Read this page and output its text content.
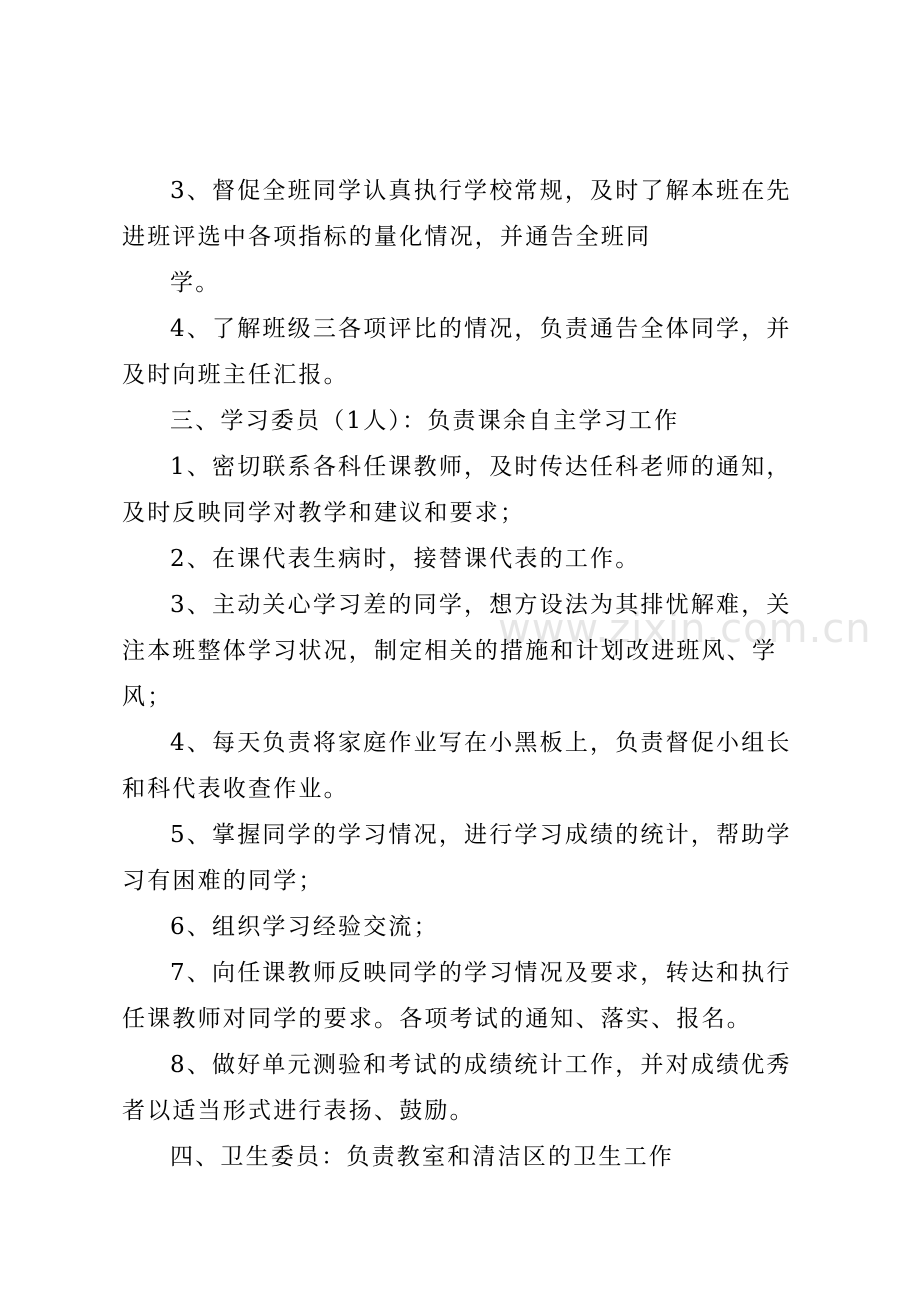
www.zixin.com.cn

3、督促全班同学认真执行学校常规，及时了解本班在先进班评选中各项指标的量化情况，并通告全班同

学。

4、了解班级三各项评比的情况，负责通告全体同学，并及时向班主任汇报。

三、学习委员（1人）：负责课余自主学习工作

1、密切联系各科任课教师，及时传达任科老师的通知，及时反映同学对教学和建议和要求；

2、在课代表生病时，接替课代表的工作。

3、主动关心学习差的同学，想方设法为其排忧解难，关注本班整体学习状况，制定相关的措施和计划改进班风、学风；

4、每天负责将家庭作业写在小黑板上，负责督促小组长和科代表收查作业。

5、掌握同学的学习情况，进行学习成绩的统计，帮助学习有困难的同学；

6、组织学习经验交流；

7、向任课教师反映同学的学习情况及要求，转达和执行任课教师对同学的要求。各项考试的通知、落实、报名。

8、做好单元测验和考试的成绩统计工作，并对成绩优秀者以适当形式进行表扬、鼓励。

四、卫生委员：负责教室和清洁区的卫生工作
